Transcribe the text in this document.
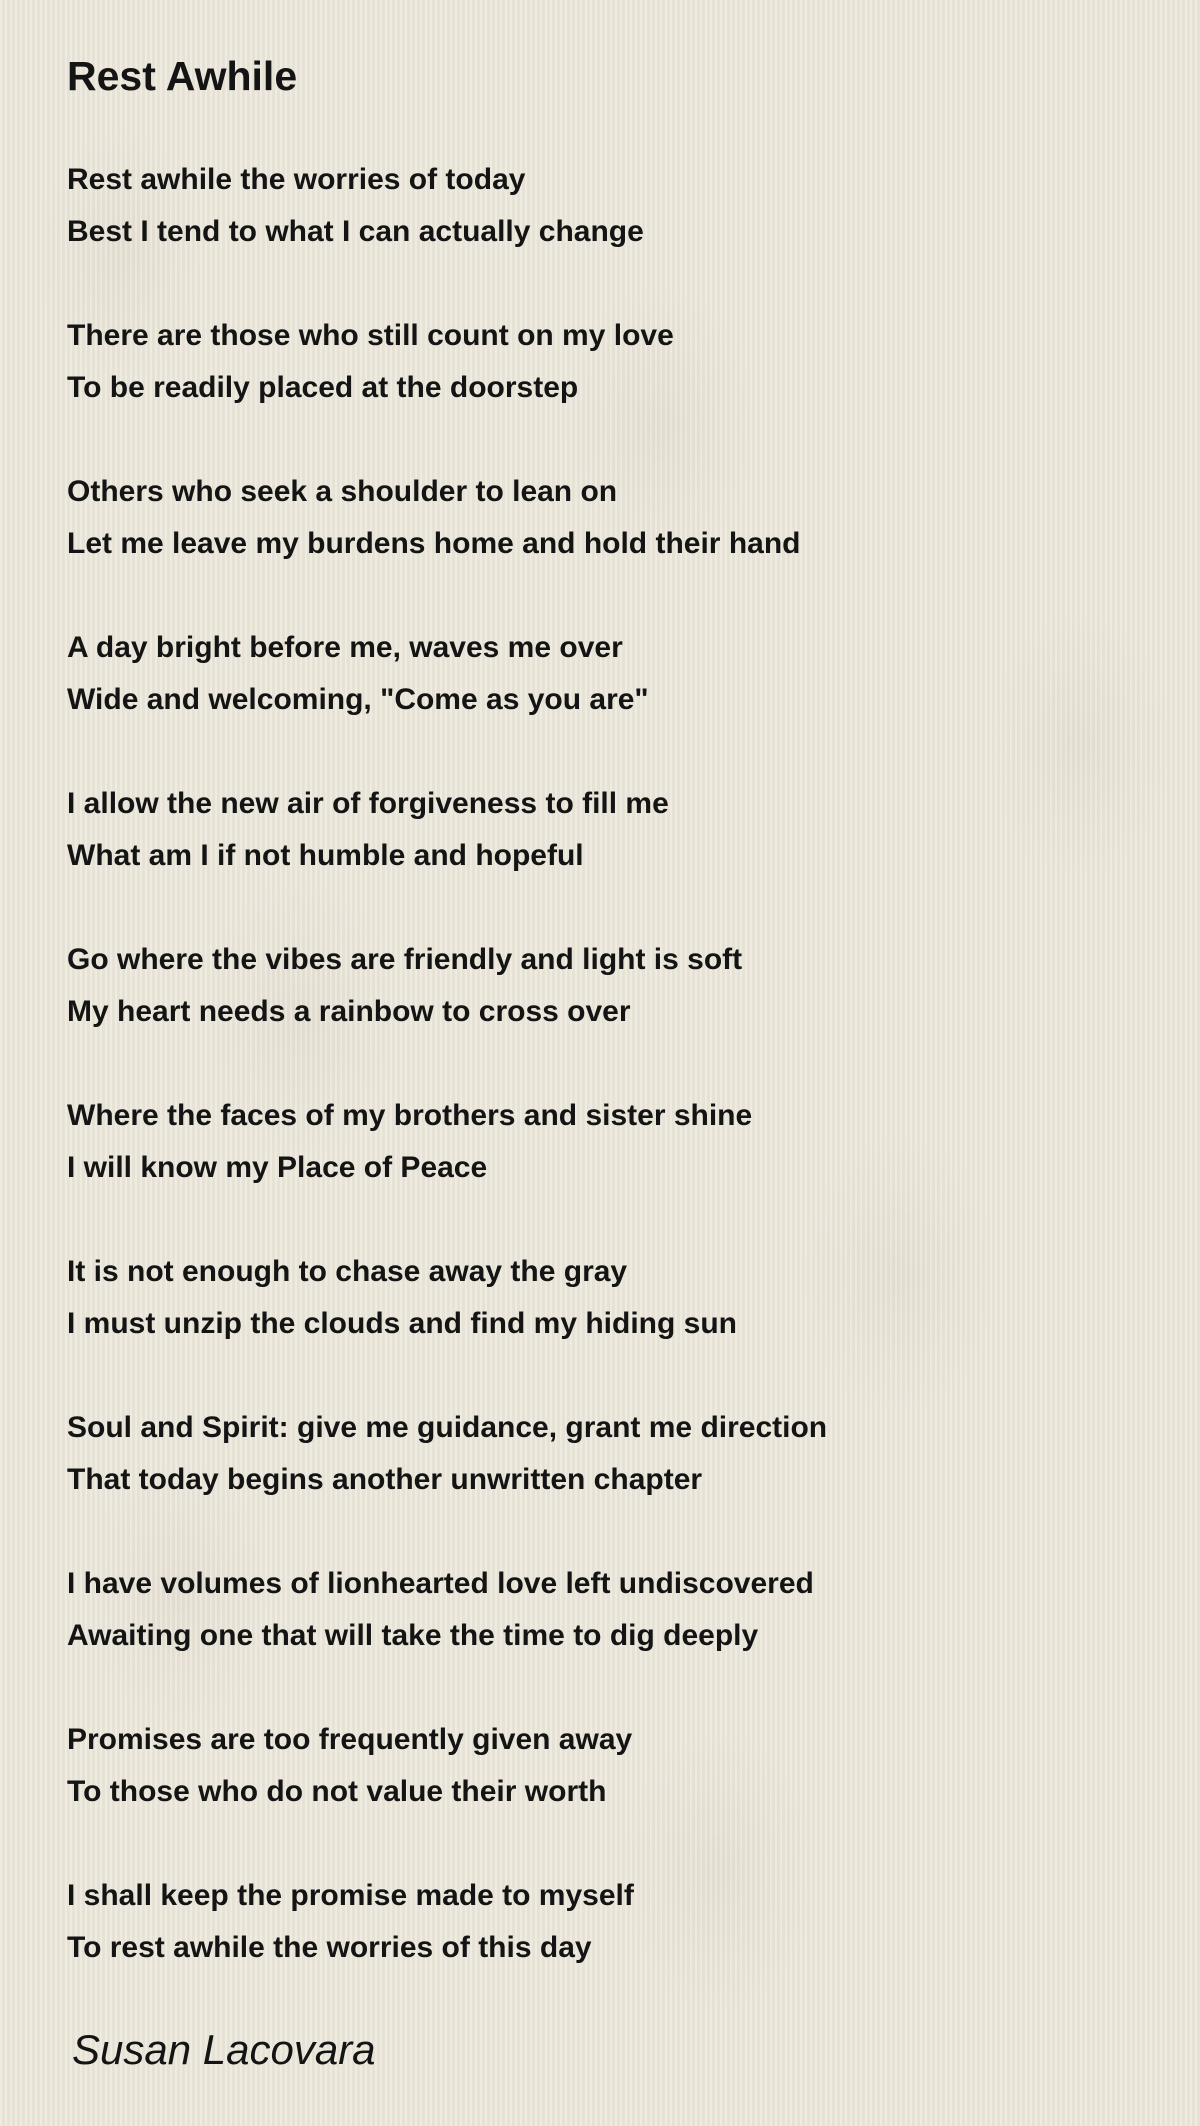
Rest Awhile
Rest awhile the worries of today
Best I tend to what I can actually change
There are those who still count on my love
To be readily placed at the doorstep
Others who seek a shoulder to lean on
Let me leave my burdens home and hold their hand
A day bright before me, waves me over
Wide and welcoming, "Come as you are"
I allow the new air of forgiveness to fill me
What am I if not humble and hopeful
Go where the vibes are friendly and light is soft
My heart needs a rainbow to cross over
Where the faces of my brothers and sister shine
I will know my Place of Peace
It is not enough to chase away the gray
I must unzip the clouds and find my hiding sun
Soul and Spirit: give me guidance, grant me direction
That today begins another unwritten chapter
I have volumes of lionhearted love left undiscovered
Awaiting one that will take the time to dig deeply
Promises are too frequently given away
To those who do not value their worth
I shall keep the promise made to myself
To rest awhile the worries of this day
Susan Lacovara
